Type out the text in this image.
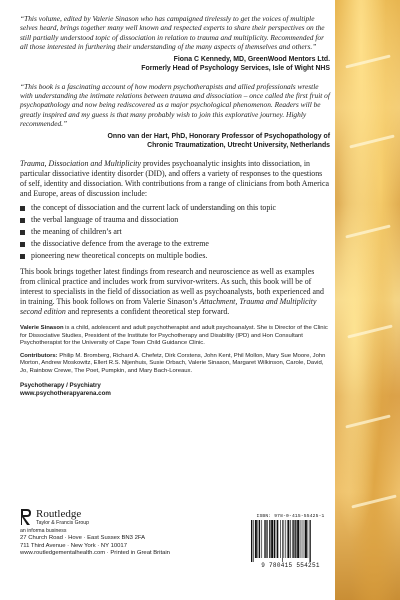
“This volume, edited by Valerie Sinason who has campaigned tirelessly to get the voices of multiple selves heard, brings together many well known and respected experts to share their perspectives on the still partially understood topic of dissociation in relation to trauma and multiplicity. Recommended for all those interested in furthering their understanding of the many aspects of themselves and others.”

Fiona C Kennedy, MD, GreenWood Mentors Ltd.

Formerly Head of Psychology Services, Isle of Wight NHS

“This book is a fascinating account of how modern psychotherapists and allied professionals wrestle with understanding the intimate relations between trauma and dissociation – once called the first fruit of psychopathology and now being rediscovered as a major psychological phenomenon. Readers will be greatly inspired and my guess is that many probably wish to join this explorative journey. Highly recommended.”

Onno van der Hart, PhD, Honorary Professor of Psychopathology of

Chronic Traumatization, Utrecht University, Netherlands

Trauma, Dissociation and Multiplicity provides psychoanalytic insights into dissociation, in particular dissociative identity disorder (DID), and offers a variety of responses to the questions of self, identity and dissociation. With contributions from a range of clinicians from both America and Europe, areas of discussion include:

the concept of dissociation and the current lack of understanding on this topic
the verbal language of trauma and dissociation
the meaning of children’s art
the dissociative defence from the average to the extreme
pioneering new theoretical concepts on multiple bodies.

This book brings together latest findings from research and neuroscience as well as examples from clinical practice and includes work from survivor-writers. As such, this book will be of interest to specialists in the field of dissociation as well as psychoanalysts, both experienced and in training. This book follows on from Valerie Sinason’s Attachment, Trauma and Multiplicity second edition and represents a confident theoretical step forward.

Valerie Sinason is a child, adolescent and adult psychotherapist and adult psychoanalyst. She is Director of the Clinic for Dissociative Studies, President of the Institute for Psychotherapy and Disability (IPD) and Hon Consultant Psychotherapist for the University of Cape Town Child Guidance Clinic.

Contributors: Philip M. Bromberg, Richard A. Chefetz, Dirk Corstens, John Kent, Phil Mollon, Mary Sue Moore, John Morton, Andrew Moskowitz, Ellert R.S. Nijenhuis, Susie Orbach, Valerie Sinason, Margaret Wilkinson, Carole, David, Jo, Rainbow Crewe, The Poet, Pumpkin, and Mary Bach-Loreaux.

Psychotherapy / Psychiatry

www.psychotherapyarena.com

Routledge
Taylor & Francis Group
an informa business
27 Church Road · Hove · East Sussex BN3 2FA
711 Third Avenue · New York · NY 10017
www.routledgementalhealth.com · Printed in Great Britain
ISBN: 978-0-415-55425-1
9 780415 554251
